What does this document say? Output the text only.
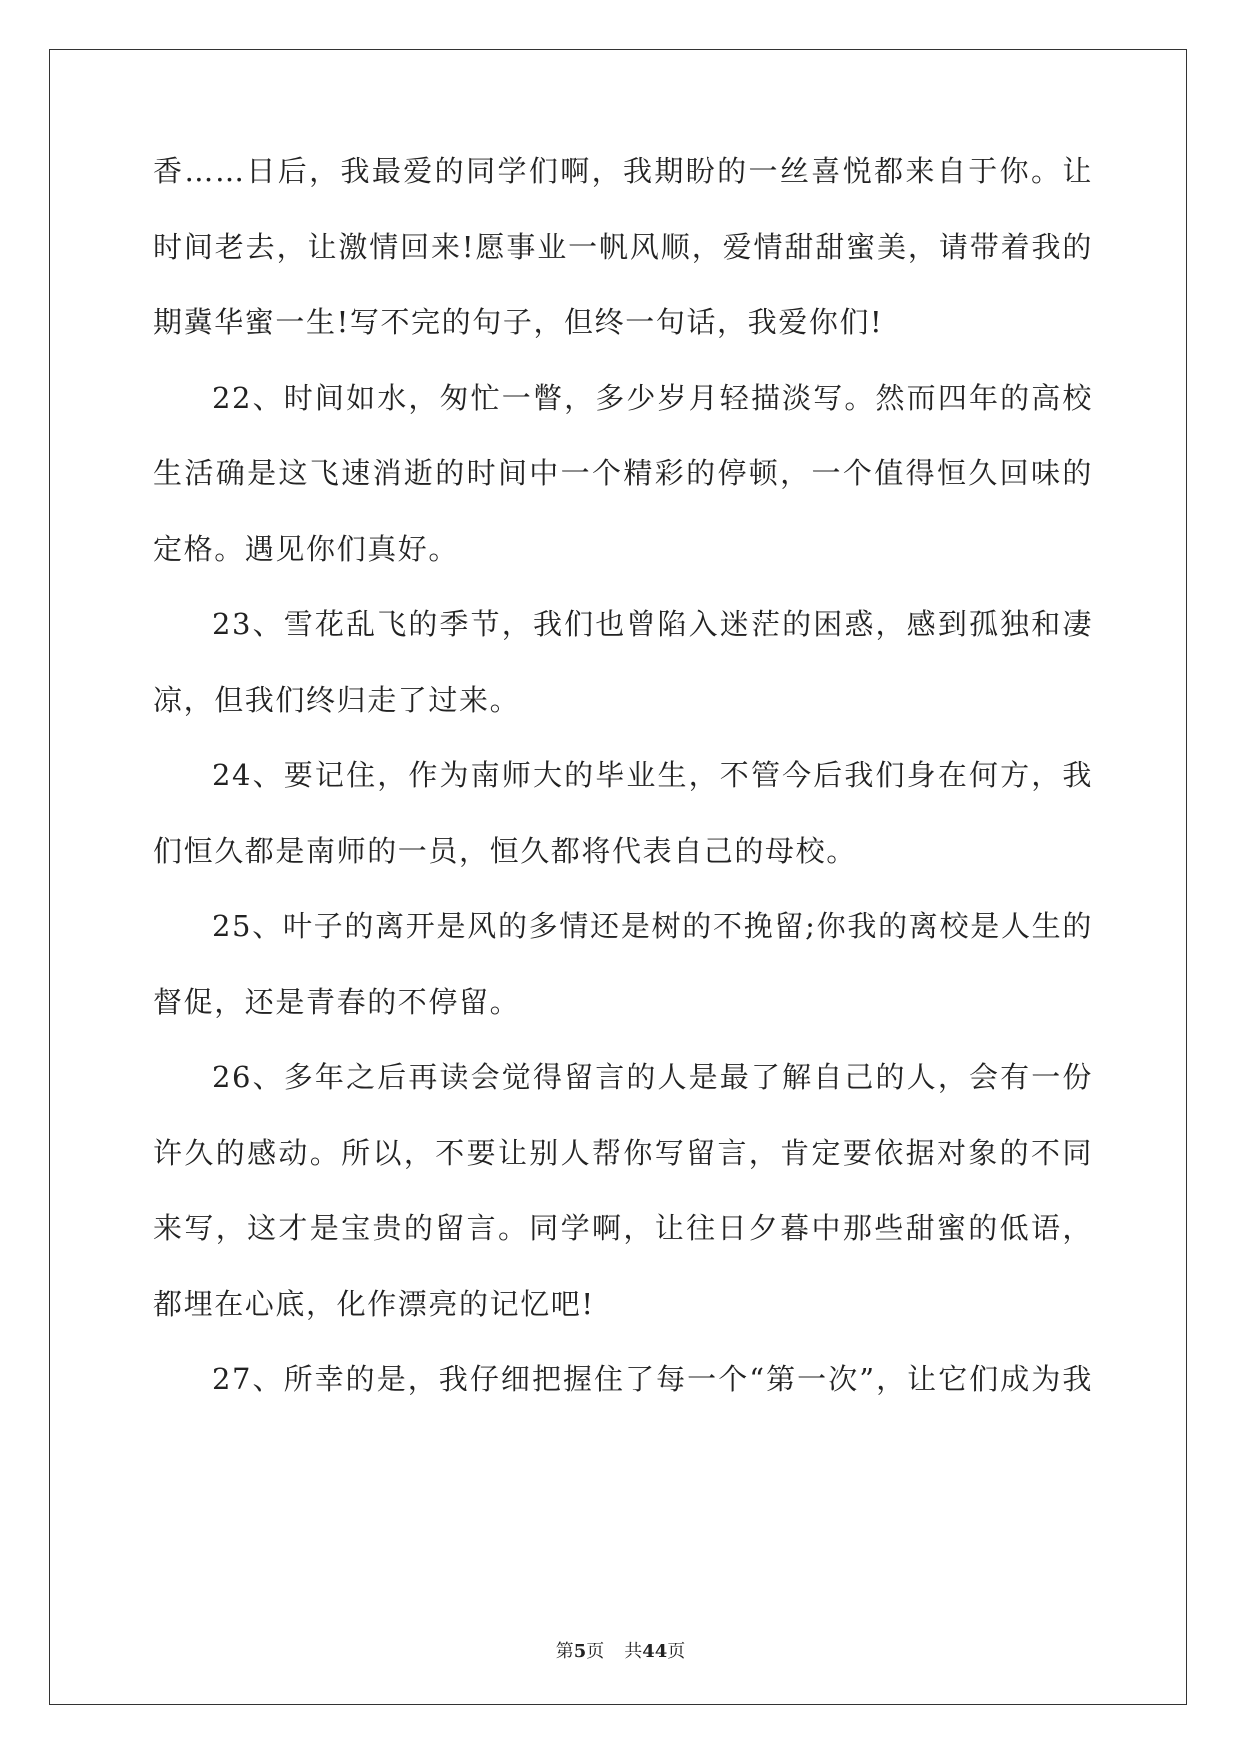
香……日后，我最爱的同学们啊，我期盼的一丝喜悦都来自于你。让
时间老去，让激情回来!愿事业一帆风顺，爱情甜甜蜜美，请带着我的
期冀华蜜一生!写不完的句子，但终一句话，我爱你们!
22、时间如水，匆忙一瞥，多少岁月轻描淡写。然而四年的高校
生活确是这飞速消逝的时间中一个精彩的停顿，一个值得恒久回味的
定格。遇见你们真好。
23、雪花乱飞的季节，我们也曾陷入迷茫的困惑，感到孤独和凄
凉，但我们终归走了过来。
24、要记住，作为南师大的毕业生，不管今后我们身在何方，我
们恒久都是南师的一员，恒久都将代表自己的母校。
25、叶子的离开是风的多情还是树的不挽留;你我的离校是人生的
督促，还是青春的不停留。
26、多年之后再读会觉得留言的人是最了解自己的人，会有一份
许久的感动。所以，不要让别人帮你写留言，肯定要依据对象的不同
来写，这才是宝贵的留言。同学啊，让往日夕暮中那些甜蜜的低语，
都埋在心底，化作漂亮的记忆吧!
27、所幸的是，我仔细把握住了每一个“第一次”，让它们成为我
第5页 共44页
